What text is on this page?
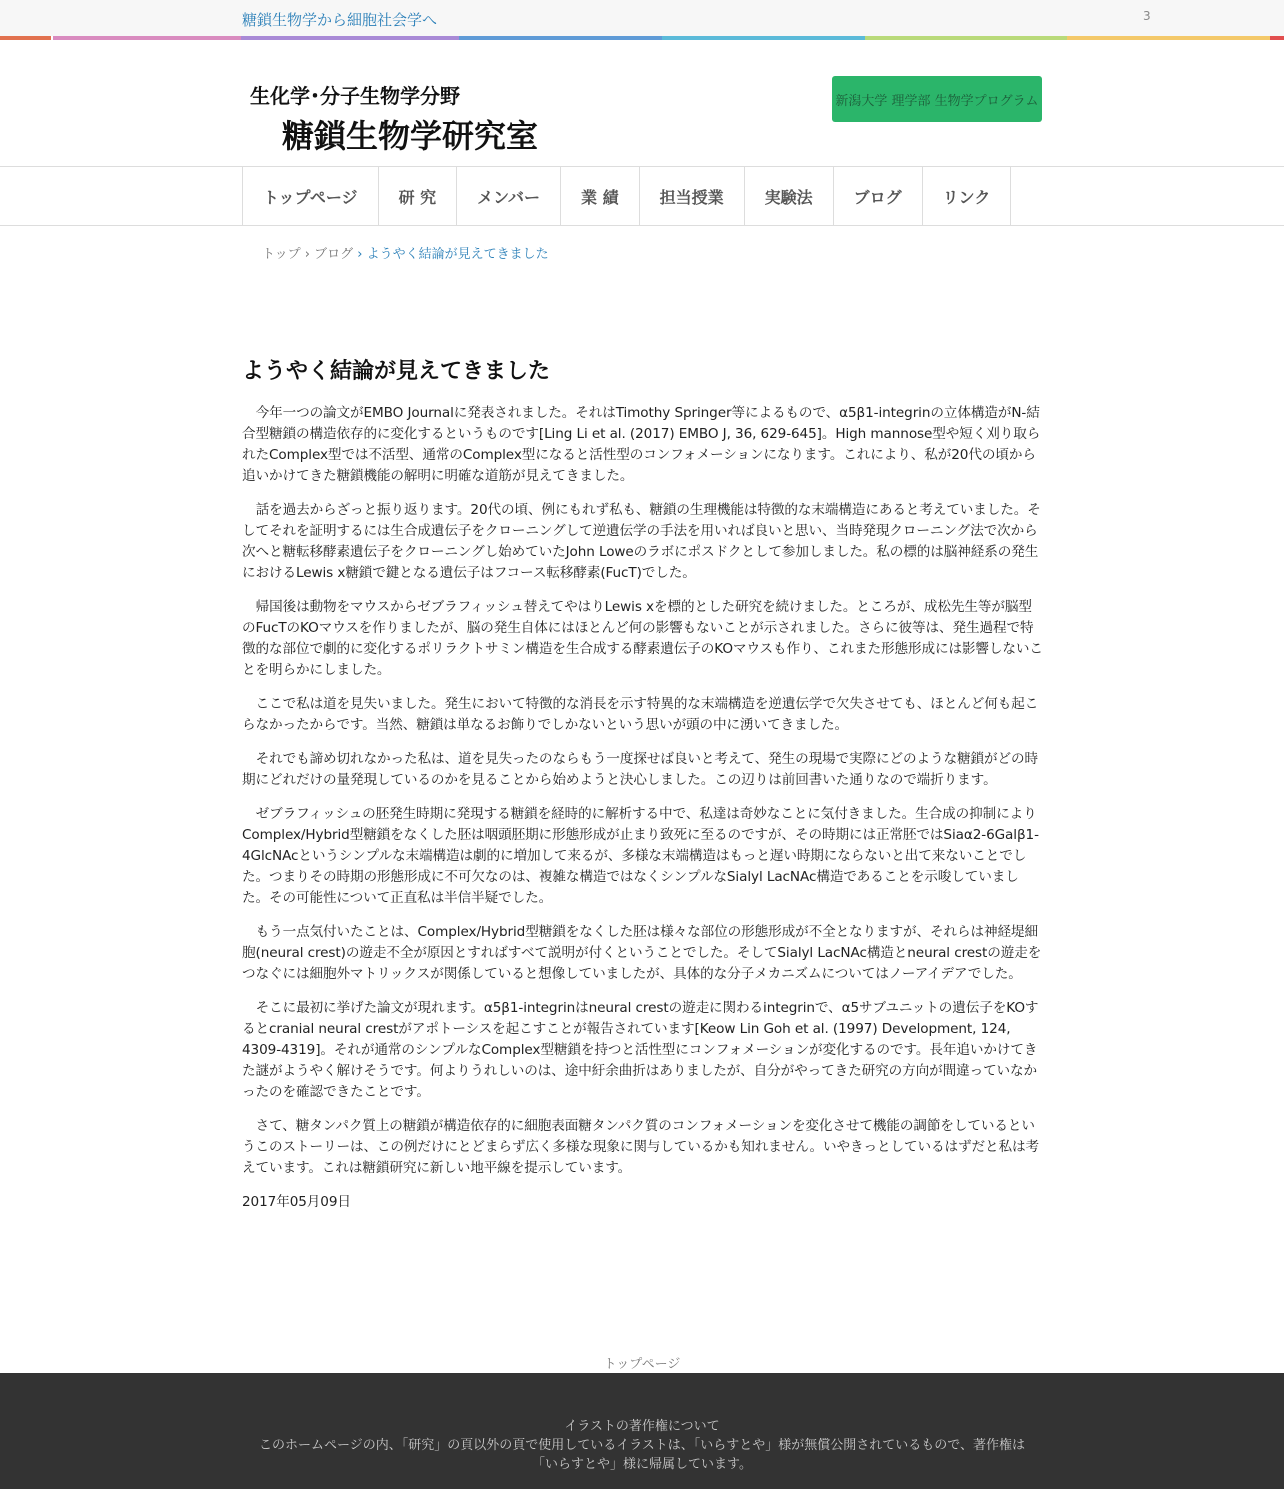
糖鎖生物学から細胞社会学へ	3
生化学･分子生物学分野
糖鎖生物学研究室
新潟大学 理学部 生物学プログラム
トップページ	研 究	メンバー	業 績	担当授業	実験法	ブログ	リンク
トップ › ブログ › ようやく結論が見えてきました
ようやく結論が見えてきました

今年一つの論文がEMBO Journalに発表されました。それはTimothy Springer等によるもので、α5β1-integrinの立体構造がN-結合型糖鎖の構造依存的に変化するというものです[Ling Li et al. (2017) EMBO J, 36, 629-645]。High mannose型や短く刈り取られたComplex型では不活型、通常のComplex型になると活性型のコンフォメーションになります。これにより、私が20代の頃から追いかけてきた糖鎖機能の解明に明確な道筋が見えてきました。

話を過去からざっと振り返ります。20代の頃、例にもれず私も、糖鎖の生理機能は特徴的な末端構造にあると考えていました。そしてそれを証明するには生合成遺伝子をクローニングして逆遺伝学の手法を用いれば良いと思い、当時発現クローニング法で次から次へと糖転移酵素遺伝子をクローニングし始めていたJohn Loweのラボにポスドクとして参加しました。私の標的は脳神経系の発生におけるLewis x糖鎖で鍵となる遺伝子はフコース転移酵素(FucT)でした。

帰国後は動物をマウスからゼブラフィッシュ替えてやはりLewis xを標的とした研究を続けました。ところが、成松先生等が脳型のFucTのKOマウスを作りましたが、脳の発生自体にはほとんど何の影響もないことが示されました。さらに彼等は、発生過程で特徴的な部位で劇的に変化するポリラクトサミン構造を生合成する酵素遺伝子のKOマウスも作り、これまた形態形成には影響しないことを明らかにしました。

ここで私は道を見失いました。発生において特徴的な消長を示す特異的な末端構造を逆遺伝学で欠失させても、ほとんど何も起こらなかったからです。当然、糖鎖は単なるお飾りでしかないという思いが頭の中に湧いてきました。

それでも諦め切れなかった私は、道を見失ったのならもう一度探せば良いと考えて、発生の現場で実際にどのような糖鎖がどの時期にどれだけの量発現しているのかを見ることから始めようと決心しました。この辺りは前回書いた通りなので端折ります。

ゼブラフィッシュの胚発生時期に発現する糖鎖を経時的に解析する中で、私達は奇妙なことに気付きました。生合成の抑制によりComplex/Hybrid型糖鎖をなくした胚は咽頭胚期に形態形成が止まり致死に至るのですが、その時期には正常胚ではSiaα2-6Galβ1-4GlcNAcというシンプルな末端構造は劇的に増加して来るが、多様な末端構造はもっと遅い時期にならないと出て来ないことでした。つまりその時期の形態形成に不可欠なのは、複雑な構造ではなくシンプルなSialyl LacNAc構造であることを示唆していました。その可能性について正直私は半信半疑でした。

もう一点気付いたことは、Complex/Hybrid型糖鎖をなくした胚は様々な部位の形態形成が不全となりますが、それらは神経堤細胞(neural crest)の遊走不全が原因とすればすべて説明が付くということでした。そしてSialyl LacNAc構造とneural crestの遊走をつなぐには細胞外マトリックスが関係していると想像していましたが、具体的な分子メカニズムについてはノーアイデアでした。

そこに最初に挙げた論文が現れます。α5β1-integrinはneural crestの遊走に関わるintegrinで、α5サブユニットの遺伝子をKOするとcranial neural crestがアポトーシスを起こすことが報告されています[Keow Lin Goh et al. (1997) Development, 124, 4309-4319]。それが通常のシンプルなComplex型糖鎖を持つと活性型にコンフォメーションが変化するのです。長年追いかけてきた謎がようやく解けそうです。何よりうれしいのは、途中紆余曲折はありましたが、自分がやってきた研究の方向が間違っていなかったのを確認できたことです。

さて、糖タンパク質上の糖鎖が構造依存的に細胞表面糖タンパク質のコンフォメーションを変化させて機能の調節をしているというこのストーリーは、この例だけにとどまらず広く多様な現象に関与しているかも知れません。いやきっとしているはずだと私は考えています。これは糖鎖研究に新しい地平線を提示しています。

2017年05月09日

トップページ
イラストの著作権について
このホームページの内、「研究」の頁以外の頁で使用しているイラストは、「いらすとや」様が無償公開されているもので、著作権は
「いらすとや」様に帰属しています。
